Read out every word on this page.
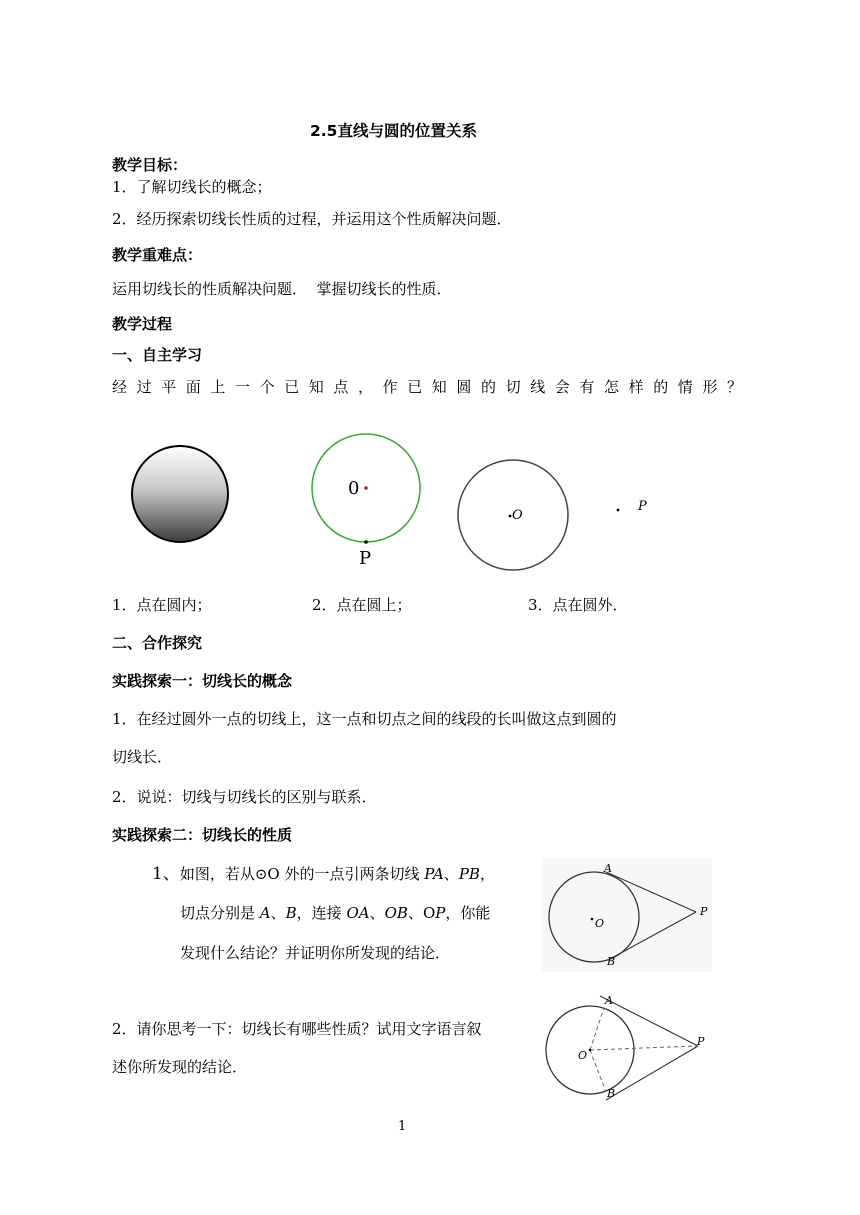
2.5直线与圆的位置关系
教学目标：
1．了解切线长的概念；
2．经历探索切线长性质的过程，并运用这个性质解决问题．
教学重难点：
运用切线长的性质解决问题．  掌握切线长的性质．
教学过程
一、自主学习
经过平面上一个已知点，作已知圆的切线会有怎样的情形？
0
P
O
P
1．点在圆内；	2．点在圆上；	3．点在圆外．
二、合作探究
实践探索一：切线长的概念
1．在经过圆外一点的切线上，这一点和切点之间的线段的长叫做这点到圆的
切线长．
2．说说：切线与切线长的区别与联系．
实践探索二：切线长的性质
1、如图，若从⊙O 外的一点引两条切线 PA、PB，
切点分别是 A、B，连接 OA、OB、OP，你能
发现什么结论？并证明你所发现的结论．
A
B
O
P
2．请你思考一下：切线长有哪些性质？试用文字语言叙
述你所发现的结论．
A
B
O
P
1
